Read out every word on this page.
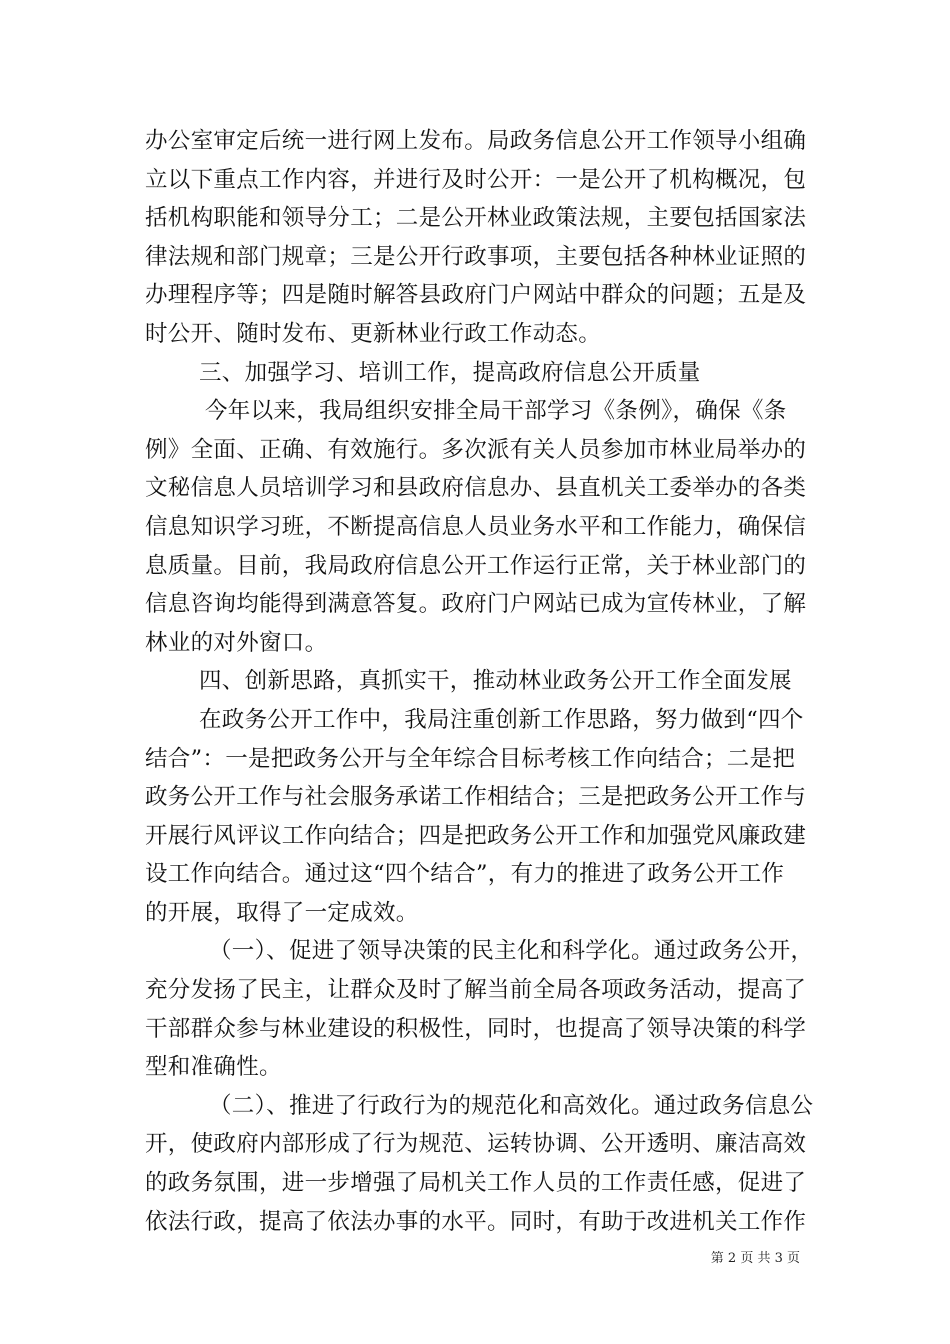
办公室审定后统一进行网上发布。局政务信息公开工作领导小组确
立以下重点工作内容，并进行及时公开：一是公开了机构概况，包
括机构职能和领导分工；二是公开林业政策法规，主要包括国家法
律法规和部门规章；三是公开行政事项，主要包括各种林业证照的
办理程序等；四是随时解答县政府门户网站中群众的问题；五是及
时公开、随时发布、更新林业行政工作动态。
三、加强学习、培训工作，提高政府信息公开质量
今年以来，我局组织安排全局干部学习《条例》，确保《条
例》全面、正确、有效施行。多次派有关人员参加市林业局举办的
文秘信息人员培训学习和县政府信息办、县直机关工委举办的各类
信息知识学习班，不断提高信息人员业务水平和工作能力，确保信
息质量。目前，我局政府信息公开工作运行正常，关于林业部门的
信息咨询均能得到满意答复。政府门户网站已成为宣传林业，了解
林业的对外窗口。
四、创新思路，真抓实干，推动林业政务公开工作全面发展
在政务公开工作中，我局注重创新工作思路，努力做到“四个
结合”：一是把政务公开与全年综合目标考核工作向结合；二是把
政务公开工作与社会服务承诺工作相结合；三是把政务公开工作与
开展行风评议工作向结合；四是把政务公开工作和加强党风廉政建
设工作向结合。通过这“四个结合”，有力的推进了政务公开工作
的开展，取得了一定成效。
（一）、促进了领导决策的民主化和科学化。通过政务公开，
充分发扬了民主，让群众及时了解当前全局各项政务活动，提高了
干部群众参与林业建设的积极性，同时，也提高了领导决策的科学
型和准确性。
（二）、推进了行政行为的规范化和高效化。通过政务信息公
开，使政府内部形成了行为规范、运转协调、公开透明、廉洁高效
的政务氛围，进一步增强了局机关工作人员的工作责任感，促进了
依法行政，提高了依法办事的水平。同时，有助于改进机关工作作
第 2 页 共 3 页
